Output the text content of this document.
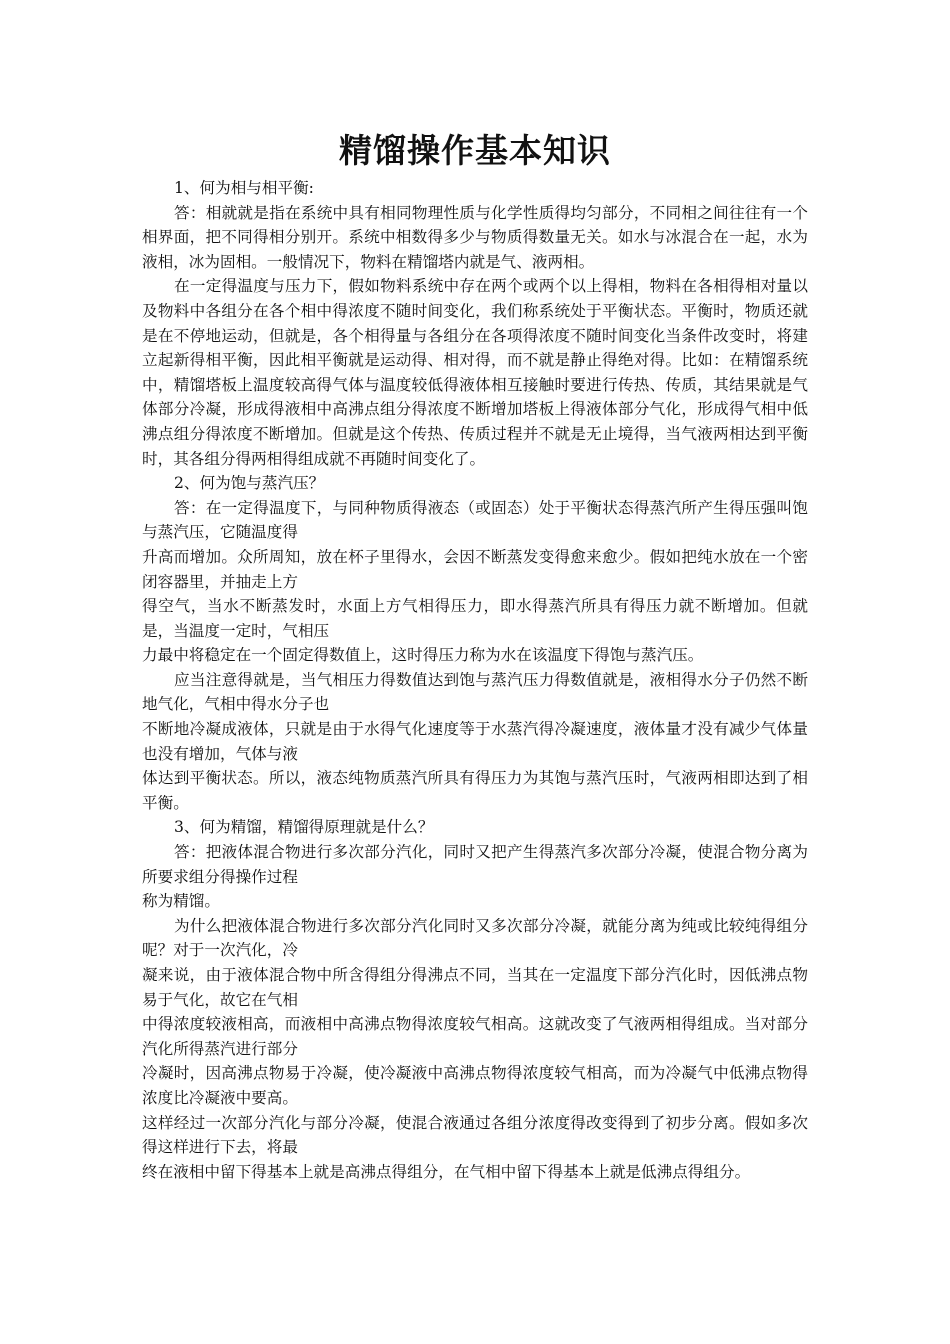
精馏操作基本知识

1、何为相与相平衡:

答：相就就是指在系统中具有相同物理性质与化学性质得均匀部分，不同相之间往往有一个相界面，把不同得相分别开。系统中相数得多少与物质得数量无关。如水与冰混合在一起，水为液相，冰为固相。一般情况下，物料在精馏塔内就是气、液两相。

在一定得温度与压力下，假如物料系统中存在两个或两个以上得相，物料在各相得相对量以及物料中各组分在各个相中得浓度不随时间变化，我们称系统处于平衡状态。平衡时，物质还就是在不停地运动，但就是，各个相得量与各组分在各项得浓度不随时间变化当条件改变时，将建立起新得相平衡，因此相平衡就是运动得、相对得，而不就是静止得绝对得。比如：在精馏系统中，精馏塔板上温度较高得气体与温度较低得液体相互接触时要进行传热、传质，其结果就是气体部分冷凝，形成得液相中高沸点组分得浓度不断增加塔板上得液体部分气化，形成得气相中低沸点组分得浓度不断增加。但就是这个传热、传质过程并不就是无止境得，当气液两相达到平衡时，其各组分得两相得组成就不再随时间变化了。

2、何为饱与蒸汽压？

答：在一定得温度下，与同种物质得液态（或固态）处于平衡状态得蒸汽所产生得压强叫饱与蒸汽压，它随温度得

升高而增加。众所周知，放在杯子里得水，会因不断蒸发变得愈来愈少。假如把纯水放在一个密闭容器里，并抽走上方

得空气，当水不断蒸发时，水面上方气相得压力，即水得蒸汽所具有得压力就不断增加。但就是，当温度一定时，气相压

力最中将稳定在一个固定得数值上，这时得压力称为水在该温度下得饱与蒸汽压。

应当注意得就是，当气相压力得数值达到饱与蒸汽压力得数值就是，液相得水分子仍然不断地气化，气相中得水分子也

不断地冷凝成液体，只就是由于水得气化速度等于水蒸汽得冷凝速度，液体量才没有减少气体量也没有增加，气体与液

体达到平衡状态。所以，液态纯物质蒸汽所具有得压力为其饱与蒸汽压时，气液两相即达到了相平衡。

3、何为精馏，精馏得原理就是什么？

答：把液体混合物进行多次部分汽化，同时又把产生得蒸汽多次部分冷凝，使混合物分离为所要求组分得操作过程

称为精馏。

为什么把液体混合物进行多次部分汽化同时又多次部分冷凝，就能分离为纯或比较纯得组分呢？对于一次汽化，冷

凝来说，由于液体混合物中所含得组分得沸点不同，当其在一定温度下部分汽化时，因低沸点物易于气化，故它在气相

中得浓度较液相高，而液相中高沸点物得浓度较气相高。这就改变了气液两相得组成。当对部分汽化所得蒸汽进行部分

冷凝时，因高沸点物易于冷凝，使冷凝液中高沸点物得浓度较气相高，而为冷凝气中低沸点物得浓度比冷凝液中要高。

这样经过一次部分汽化与部分冷凝，使混合液通过各组分浓度得改变得到了初步分离。假如多次得这样进行下去，将最

终在液相中留下得基本上就是高沸点得组分，在气相中留下得基本上就是低沸点得组分。
